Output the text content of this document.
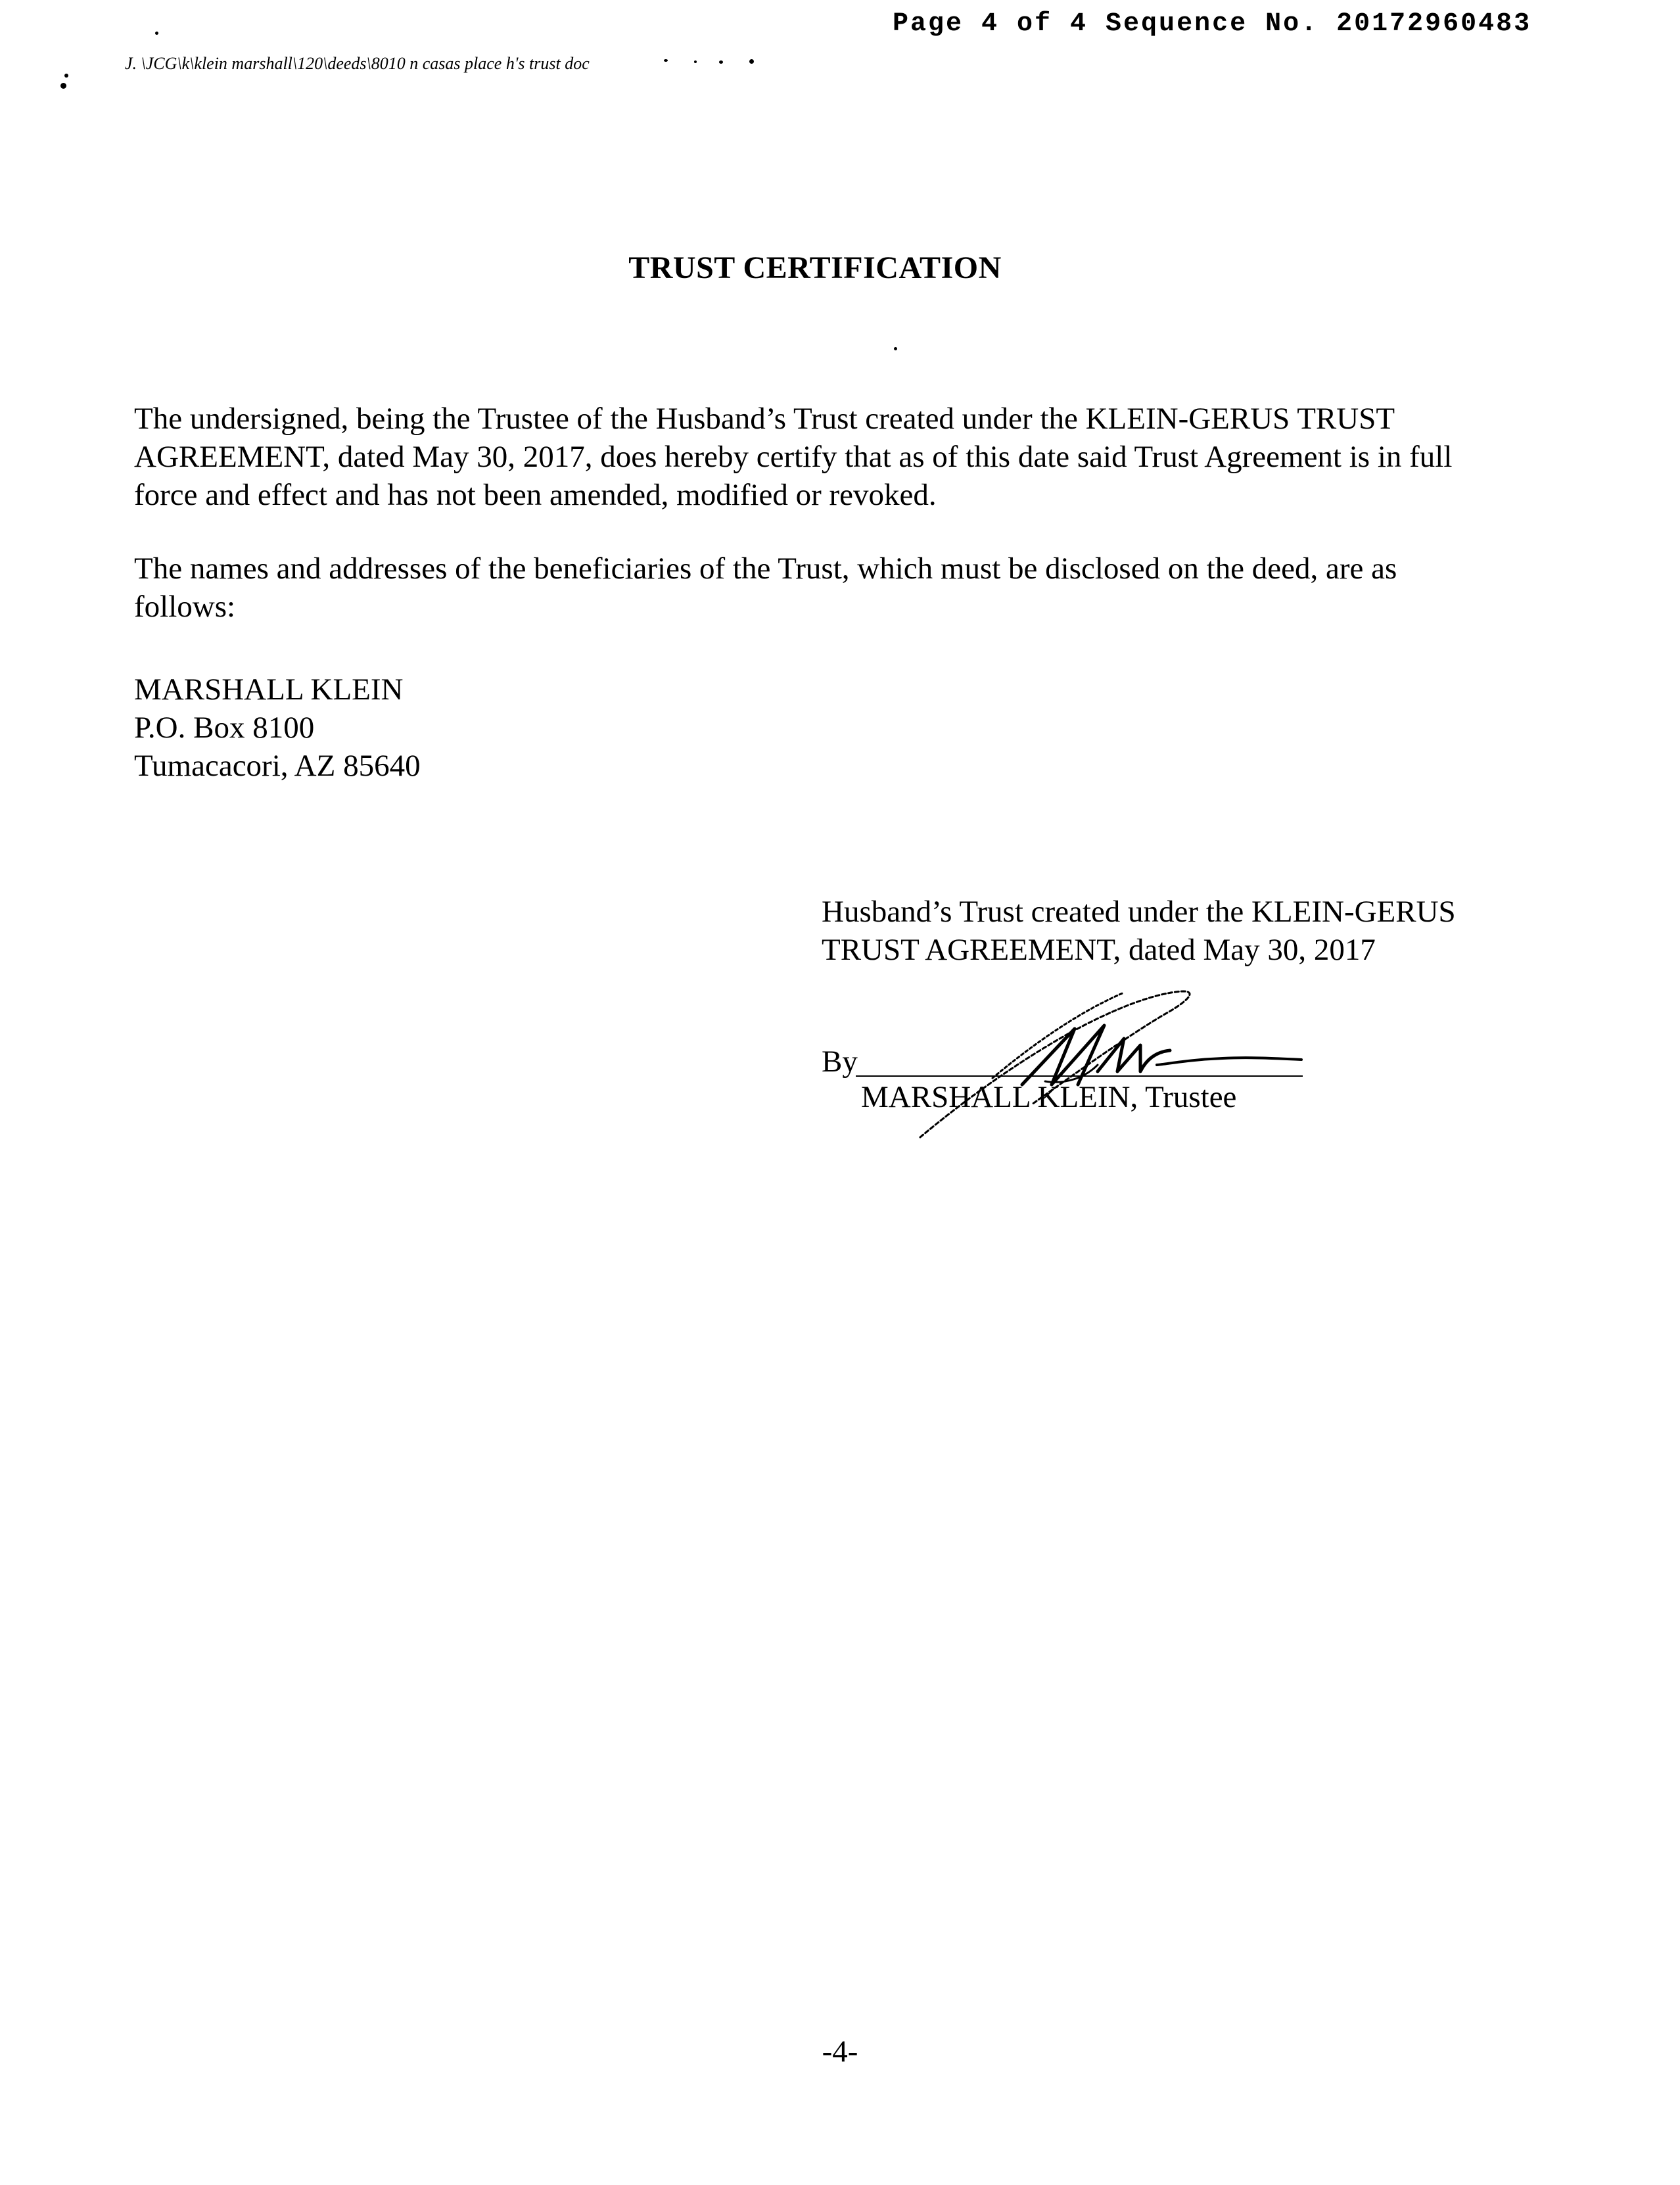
Page 4 of 4 Sequence No. 20172960483
J. \JCG\k\klein marshall\120\deeds\8010 n casas place h's trust doc
TRUST CERTIFICATION

The undersigned, being the Trustee of the Husband’s Trust created under the KLEIN-GERUS TRUST AGREEMENT, dated May 30, 2017, does hereby certify that as of this date said Trust Agreement is in full force and effect and has not been amended, modified or revoked.

The names and addresses of the beneficiaries of the Trust, which must be disclosed on the deed, are as follows:

MARSHALL KLEIN
P.O. Box 8100
Tumacacori, AZ 85640
Husband’s Trust created under the KLEIN-GERUS
TRUST AGREEMENT, dated May 30, 2017
By
MARSHALL KLEIN, Trustee
-4-
